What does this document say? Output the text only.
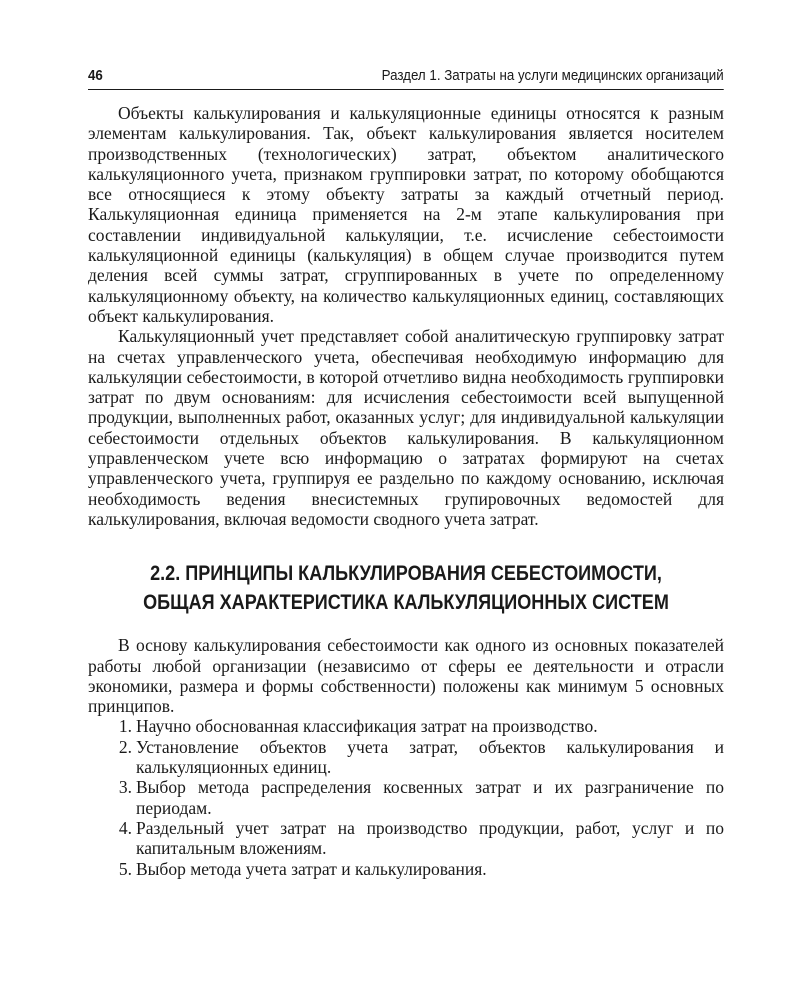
46	Раздел 1. Затраты на услуги медицинских организаций

Объекты калькулирования и калькуляционные единицы относятся к разным элементам калькулирования. Так, объект калькулирования является носителем производственных (технологических) затрат, объектом аналитического калькуляционного учета, признаком группировки затрат, по которому обобщаются все относящиеся к этому объекту затраты за каждый отчетный период. Калькуляционная единица применяется на 2-м этапе калькулирования при составлении индивидуальной калькуляции, т.е. исчисление себестоимости калькуляционной единицы (калькуляция) в общем случае производится путем деления всей суммы затрат, сгруппированных в учете по определенному калькуляционному объекту, на количество калькуляционных единиц, составляющих объект калькулирования.

Калькуляционный учет представляет собой аналитическую группировку затрат на счетах управленческого учета, обеспечивая необходимую информацию для калькуляции себестоимости, в которой отчетливо видна необходимость группировки затрат по двум основаниям: для исчисления себестоимости всей выпущенной продукции, выполненных работ, оказанных услуг; для индивидуальной калькуляции себестоимости отдельных объектов калькулирования. В калькуляционном управленческом учете всю информацию о затратах формируют на счетах управленческого учета, группируя ее раздельно по каждому основанию, исключая необходимость ведения внесистемных групировочных ведомостей для калькулирования, включая ведомости сводного учета затрат.

2.2. ПРИНЦИПЫ КАЛЬКУЛИРОВАНИЯ СЕБЕСТОИМОСТИ,
ОБЩАЯ ХАРАКТЕРИСТИКА КАЛЬКУЛЯЦИОННЫХ СИСТЕМ

В основу калькулирования себестоимости как одного из основных показателей работы любой организации (независимо от сферы ее деятельности и отрасли экономики, размера и формы собственности) положены как минимум 5 основных принципов.

1. Научно обоснованная классификация затрат на производство.
2. Установление объектов учета затрат, объектов калькулирования и калькуляционных единиц.
3. Выбор метода распределения косвенных затрат и их разграничение по периодам.
4. Раздельный учет затрат на производство продукции, работ, услуг и по капитальным вложениям.
5. Выбор метода учета затрат и калькулирования.
